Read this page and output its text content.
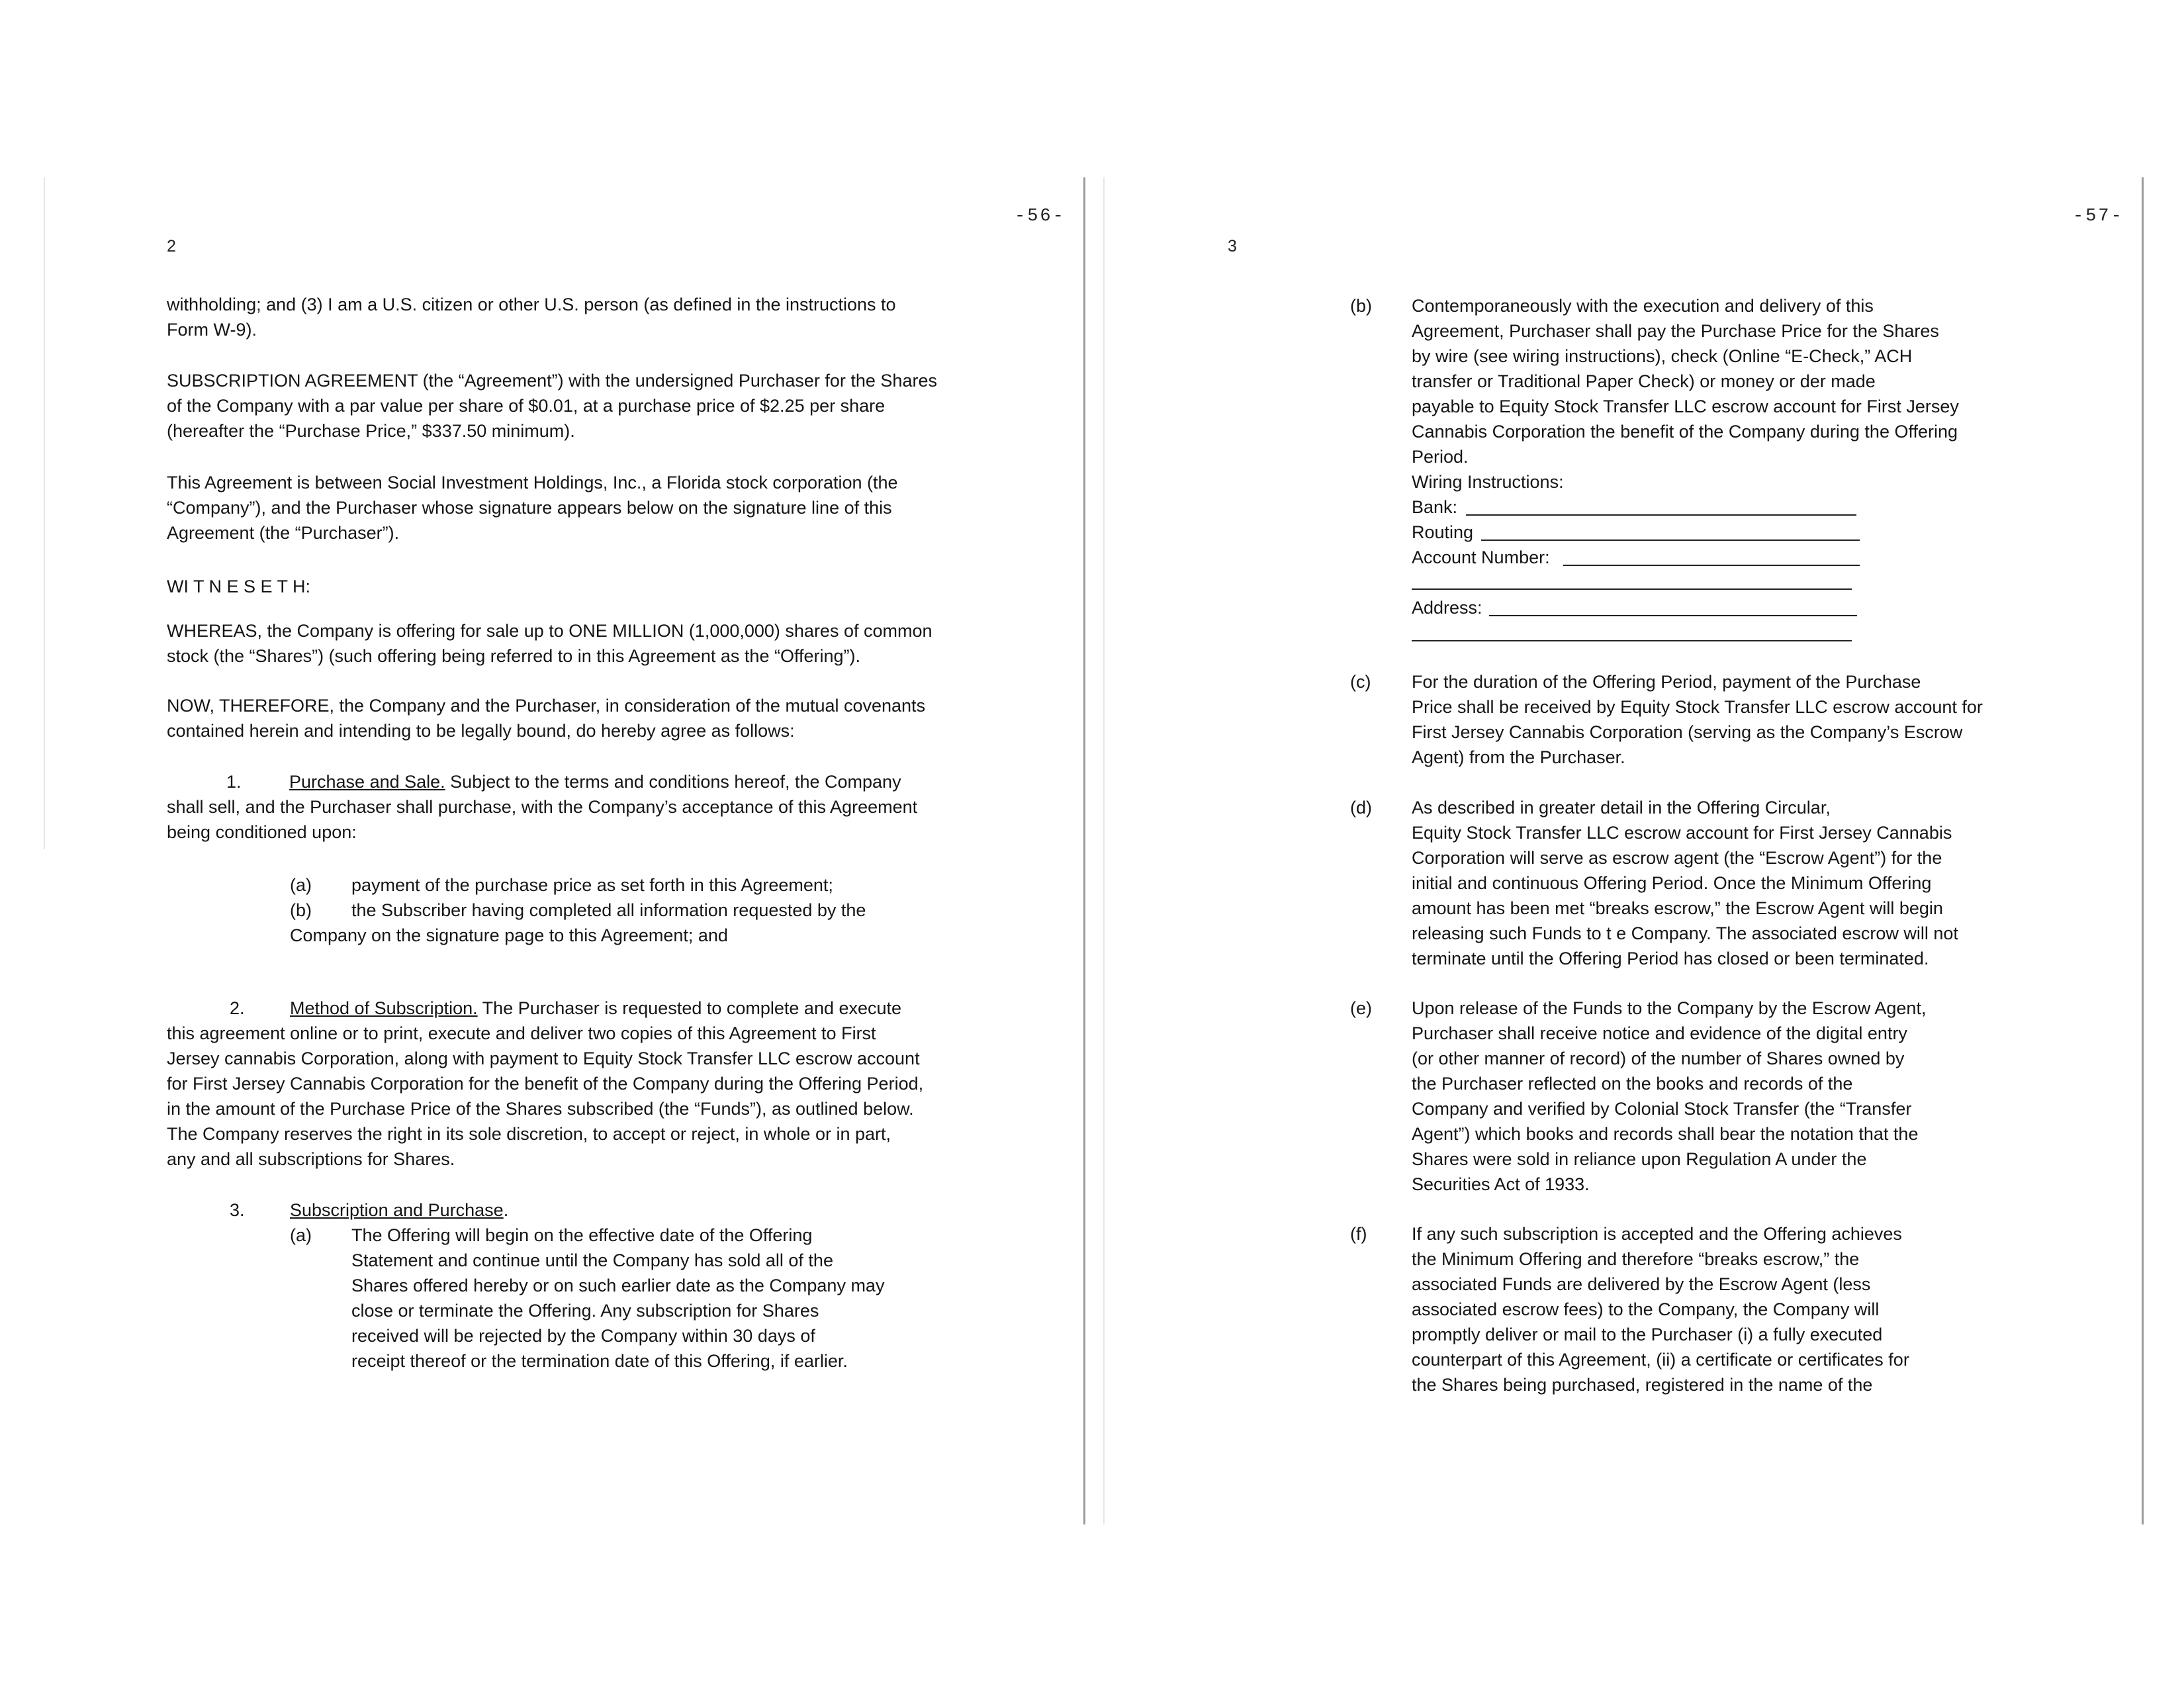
-56-
2
withholding; and (3) I am a U.S. citizen or other U.S. person (as defined in the instructions to
Form W-9).
SUBSCRIPTION AGREEMENT (the “Agreement”) with the undersigned Purchaser for the Shares
of the Company with a par value per share of $0.01, at a purchase price of $2.25 per share
(hereafter the “Purchase Price,” $337.50 minimum).
This Agreement is between Social Investment Holdings, Inc., a Florida stock corporation (the
“Company”), and the Purchaser whose signature appears below on the signature line of this
Agreement (the “Purchaser”).
WI T N E S E T H:
WHEREAS, the Company is offering for sale up to ONE MILLION (1,000,000) shares of common
stock (the “Shares”) (such offering being referred to in this Agreement as the “Offering”).
NOW, THEREFORE, the Company and the Purchaser, in consideration of the mutual covenants
contained herein and intending to be legally bound, do hereby agree as follows:
1.	Purchase and Sale. Subject to the terms and conditions hereof, the Company
shall sell, and the Purchaser shall purchase, with the Company’s acceptance of this Agreement
being conditioned upon:
(a) payment of the purchase price as set forth in this Agreement;
(b) the Subscriber having completed all information requested by the
Company on the signature page to this Agreement; and
2.	Method of Subscription. The Purchaser is requested to complete and execute
this agreement online or to print, execute and deliver two copies of this Agreement to First
Jersey cannabis Corporation, along with payment to Equity Stock Transfer LLC escrow account
for First Jersey Cannabis Corporation for the benefit of the Company during the Offering Period,
in the amount of the Purchase Price of the Shares subscribed (the “Funds”), as outlined below.
The Company reserves the right in its sole discretion, to accept or reject, in whole or in part,
any and all subscriptions for Shares.
3.	Subscription and Purchase.
(a) The Offering will begin on the effective date of the Offering
Statement and continue until the Company has sold all of the
Shares offered hereby or on such earlier date as the Company may
close or terminate the Offering. Any subscription for Shares
received will be rejected by the Company within 30 days of
receipt thereof or the termination date of this Offering, if earlier.
-57-
3
(b) Contemporaneously with the execution and delivery of this
Agreement, Purchaser shall pay the Purchase Price for the Shares
by wire (see wiring instructions), check (Online “E-Check,” ACH
transfer or Traditional Paper Check) or money or der made
payable to Equity Stock Transfer LLC escrow account for First Jersey
Cannabis Corporation the benefit of the Company during the Offering
Period.
Wiring Instructions:
Bank:
Routing
Account Number:
Address:
(c) For the duration of the Offering Period, payment of the Purchase
Price shall be received by Equity Stock Transfer LLC escrow account for
First Jersey Cannabis Corporation (serving as the Company’s Escrow
Agent) from the Purchaser.
(d) As described in greater detail in the Offering Circular,
Equity Stock Transfer LLC escrow account for First Jersey Cannabis
Corporation will serve as escrow agent (the “Escrow Agent”) for the
initial and continuous Offering Period. Once the Minimum Offering
amount has been met “breaks escrow,” the Escrow Agent will begin
releasing such Funds to t e Company. The associated escrow will not
terminate until the Offering Period has closed or been terminated.
(e) Upon release of the Funds to the Company by the Escrow Agent,
Purchaser shall receive notice and evidence of the digital entry
(or other manner of record) of the number of Shares owned by
the Purchaser reflected on the books and records of the
Company and verified by Colonial Stock Transfer (the “Transfer
Agent”) which books and records shall bear the notation that the
Shares were sold in reliance upon Regulation A under the
Securities Act of 1933.
(f)	If any such subscription is accepted and the Offering achieves
the Minimum Offering and therefore “breaks escrow,” the
associated Funds are delivered by the Escrow Agent (less
associated escrow fees) to the Company, the Company will
promptly deliver or mail to the Purchaser (i) a fully executed
counterpart of this Agreement, (ii) a certificate or certificates for
the Shares being purchased, registered in the name of the
